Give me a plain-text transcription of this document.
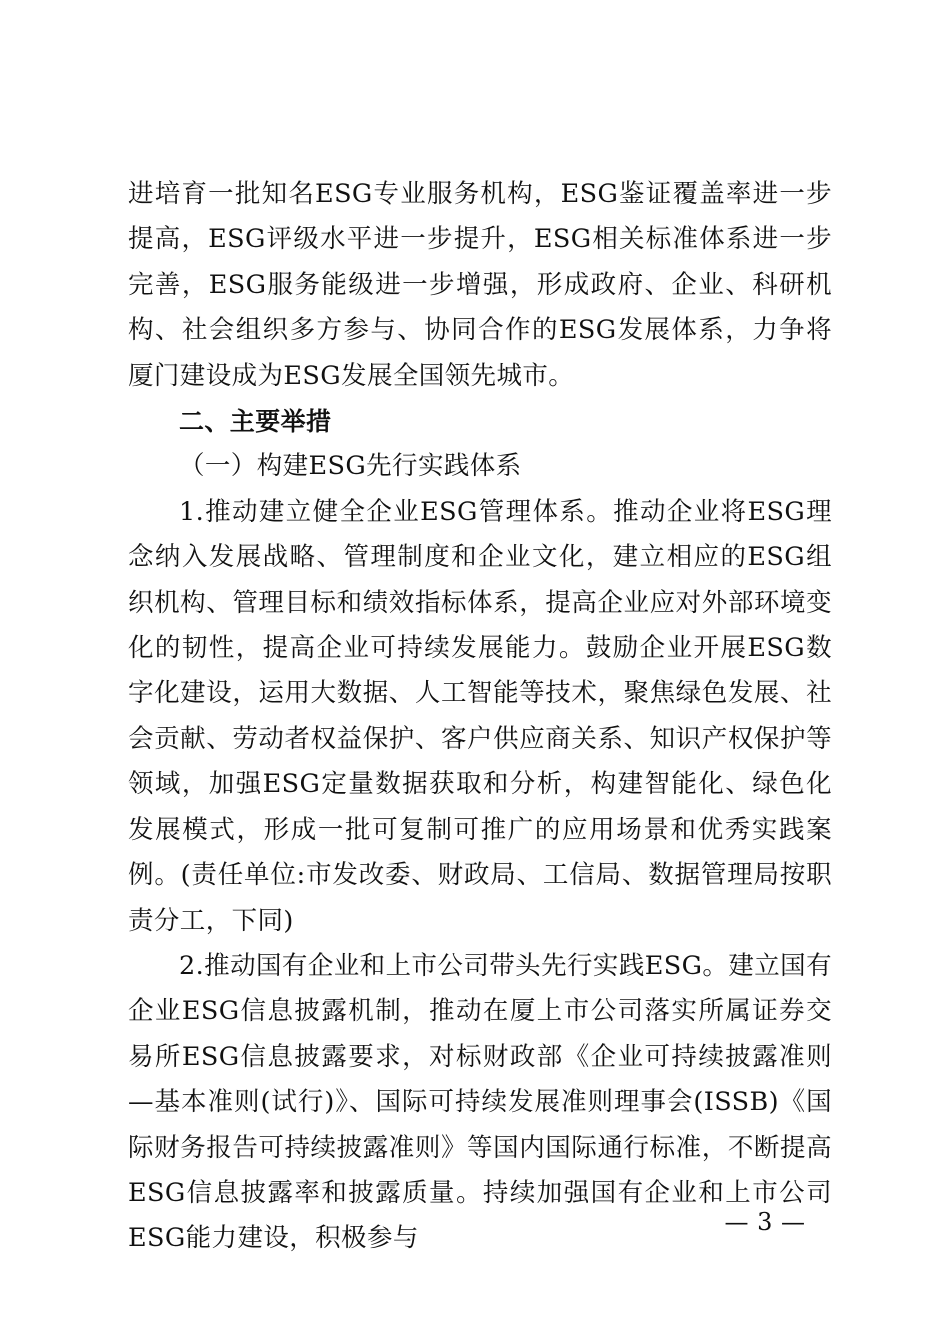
进培育一批知名ESG专业服务机构，ESG鉴证覆盖率进一步提高，ESG评级水平进一步提升，ESG相关标准体系进一步完善，ESG服务能级进一步增强，形成政府、企业、科研机构、社会组织多方参与、协同合作的ESG发展体系，力争将厦门建设成为ESG发展全国领先城市。

二、主要举措

（一）构建ESG先行实践体系

1.推动建立健全企业ESG管理体系。推动企业将ESG理念纳入发展战略、管理制度和企业文化，建立相应的ESG组织机构、管理目标和绩效指标体系，提高企业应对外部环境变化的韧性，提高企业可持续发展能力。鼓励企业开展ESG数字化建设，运用大数据、人工智能等技术，聚焦绿色发展、社会贡献、劳动者权益保护、客户供应商关系、知识产权保护等领域，加强ESG定量数据获取和分析，构建智能化、绿色化发展模式，形成一批可复制可推广的应用场景和优秀实践案例。(责任单位:市发改委、财政局、工信局、数据管理局按职责分工，下同)

2.推动国有企业和上市公司带头先行实践ESG。建立国有企业ESG信息披露机制，推动在厦上市公司落实所属证券交易所ESG信息披露要求，对标财政部《企业可持续披露准则—基本准则(试行)》、国际可持续发展准则理事会(ISSB)《国际财务报告可持续披露准则》等国内国际通行标准，不断提高ESG信息披露率和披露质量。持续加强国有企业和上市公司ESG能力建设，积极参与

— 3 —
